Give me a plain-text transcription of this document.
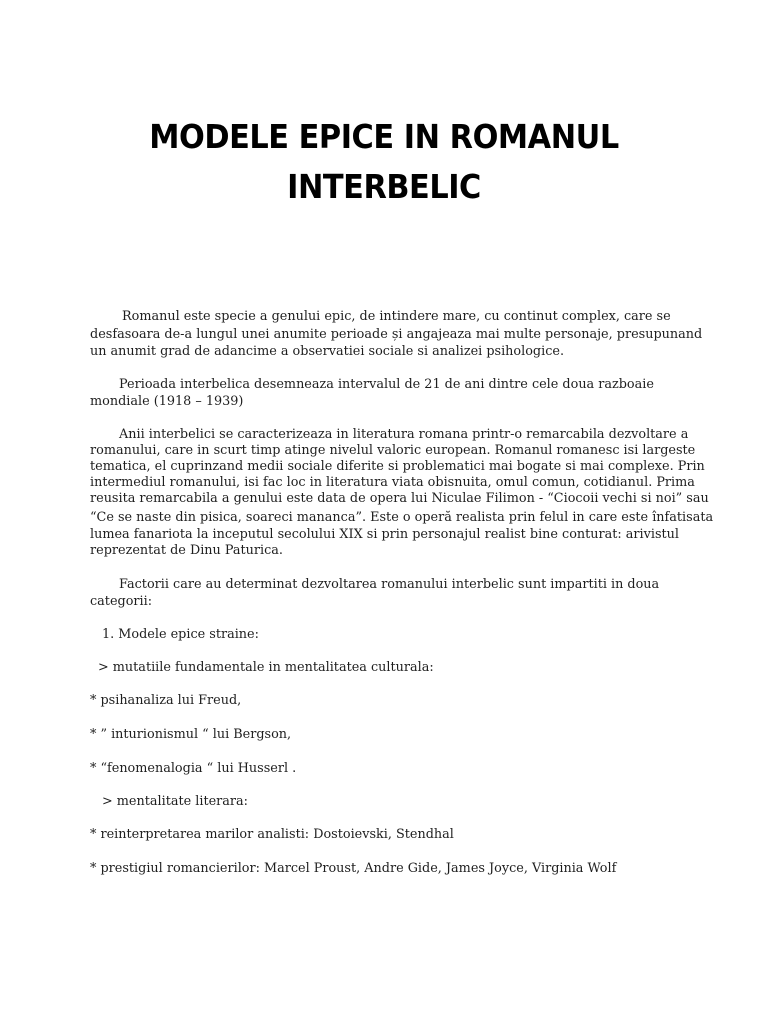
MODELE EPICE IN ROMANUL
INTERBELIC
Romanul este specie a genului epic, de intindere mare, cu continut complex, care se
desfasoara de-a lungul unei anumite perioade și angajeaza mai multe personaje, presupunand
un anumit grad de adancime a observatiei sociale si analizei psihologice.
Perioada interbelica desemneaza intervalul de 21 de ani dintre cele doua razboaie
mondiale (1918 – 1939)
Anii interbelici se caracterizeaza in literatura romana printr-o remarcabila dezvoltare a
romanului, care in scurt timp atinge nivelul valoric european. Romanul romanesc isi largeste
tematica, el cuprinzand medii sociale diferite si problematici mai bogate si mai complexe. Prin
intermediul romanului, isi fac loc in literatura viata obisnuita, omul comun, cotidianul. Prima
reusita remarcabila a genului este data de opera lui Niculae Filimon - “Ciocoii vechi si noi” sau
“Ce se naste din pisica, soareci mananca”. Este o operă realista prin felul in care este înfatisata
lumea fanariota la inceputul secolului XIX si prin personajul realist bine conturat: arivistul
reprezentat de Dinu Paturica.
Factorii care au determinat dezvoltarea romanului interbelic sunt impartiti in doua
categorii:
1. Modele epice straine:
> mutatiile fundamentale in mentalitatea culturala:
* psihanaliza lui Freud,
* ” inturionismul “ lui Bergson,
* “fenomenalogia “ lui Husserl .
> mentalitate literara:
* reinterpretarea marilor analisti: Dostoievski, Stendhal
* prestigiul romancierilor: Marcel Proust, Andre Gide, James Joyce, Virginia Wolf
